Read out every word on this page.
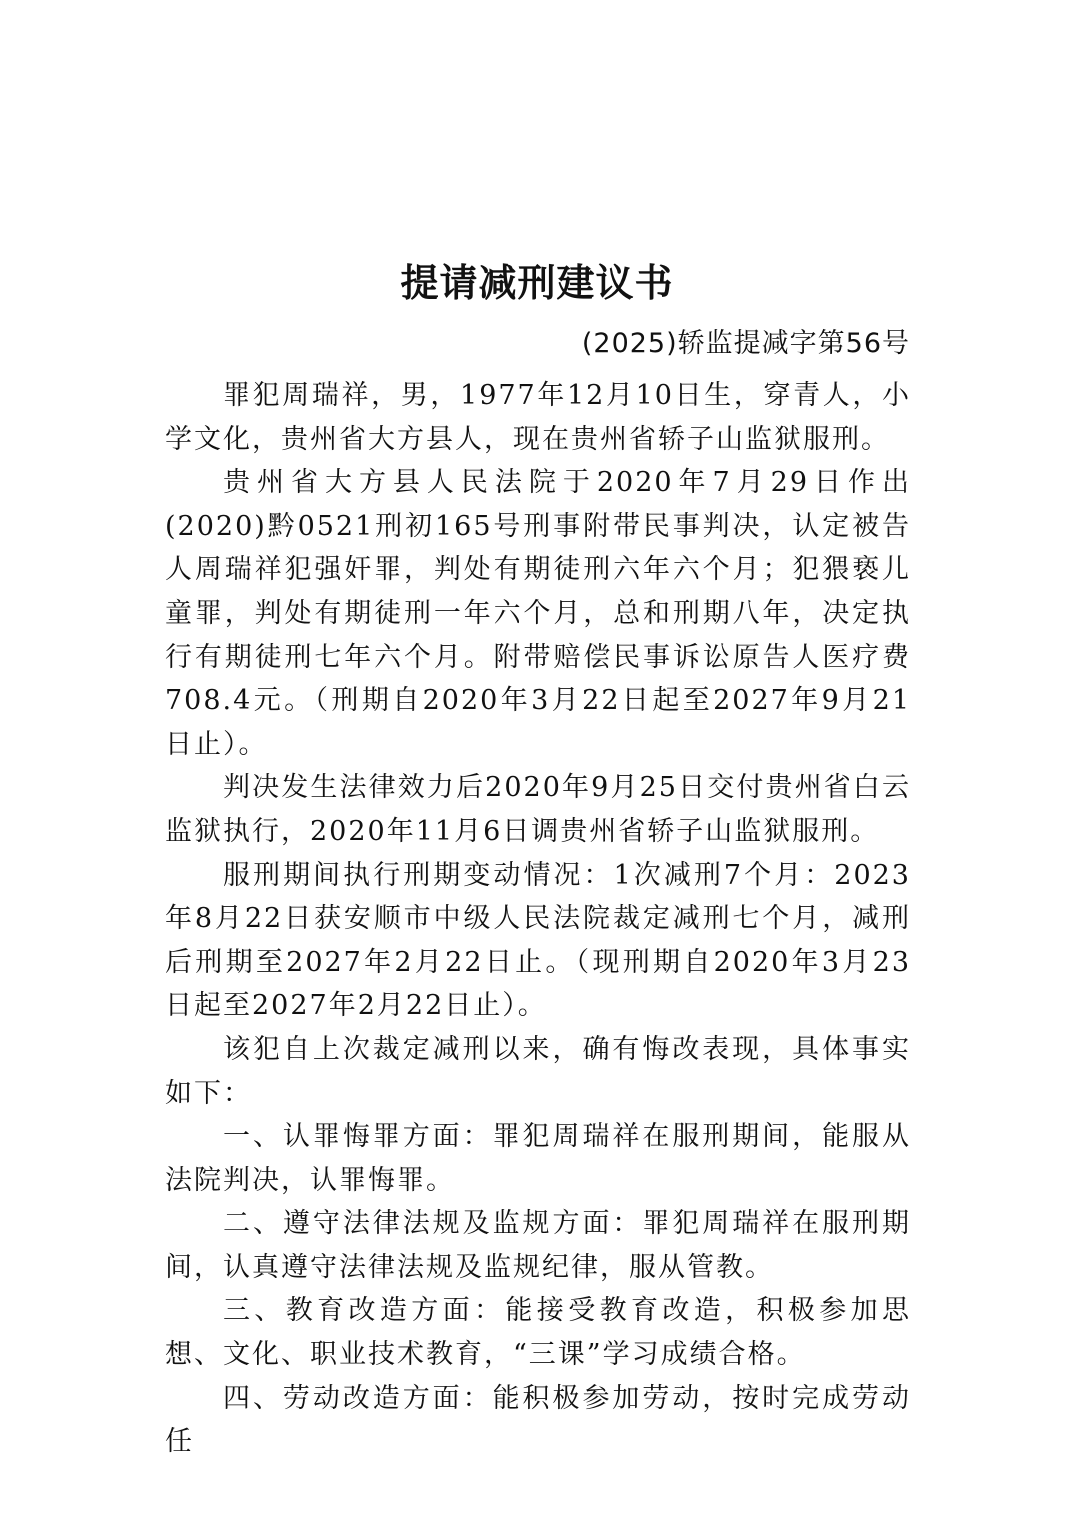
提请减刑建议书
(2025)轿监提减字第56号

罪犯周瑞祥，男，1977年12月10日生，穿青人，小学文化，贵州省大方县人，现在贵州省轿子山监狱服刑。

贵州省大方县人民法院于2020年7月29日作出(2020)黔0521刑初165号刑事附带民事判决，认定被告人周瑞祥犯强奸罪，判处有期徒刑六年六个月；犯猥亵儿童罪，判处有期徒刑一年六个月，总和刑期八年，决定执行有期徒刑七年六个月。附带赔偿民事诉讼原告人医疗费708.4元。（刑期自2020年3月22日起至2027年9月21日止）。

判决发生法律效力后2020年9月25日交付贵州省白云监狱执行，2020年11月6日调贵州省轿子山监狱服刑。

服刑期间执行刑期变动情况：1次减刑7个月：2023年8月22日获安顺市中级人民法院裁定减刑七个月，减刑后刑期至2027年2月22日止。（现刑期自2020年3月23日起至2027年2月22日止）。

该犯自上次裁定减刑以来，确有悔改表现，具体事实如下：

一、认罪悔罪方面：罪犯周瑞祥在服刑期间，能服从法院判决，认罪悔罪。

二、遵守法律法规及监规方面：罪犯周瑞祥在服刑期间，认真遵守法律法规及监规纪律，服从管教。

三、教育改造方面：能接受教育改造，积极参加思想、文化、职业技术教育，“三课”学习成绩合格。

四、劳动改造方面：能积极参加劳动，按时完成劳动任
